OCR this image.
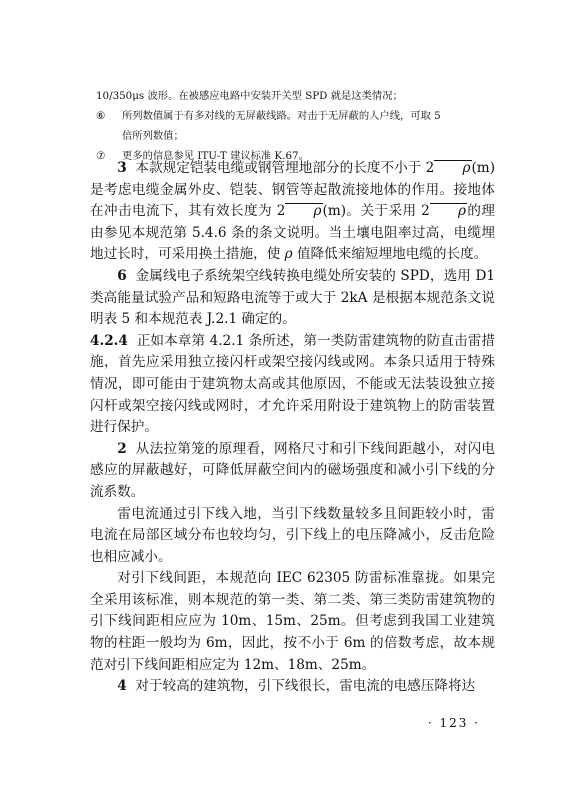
10/350μs 波形。在被感应电路中安装开关型 SPD 就是这类情况；
⑥	所列数值属于有多对线的无屏蔽线路。对击于无屏蔽的人户线，可取 5
倍所列数值；
⑦	更多的信息参见 ITU-T 建议标准 K.67。

3 本款规定铠装电缆或钢管埋地部分的长度不小于 2 ρ(m)是考虑电缆金属外皮、铠装、钢管等起散流接地体的作用。接地体在冲击电流下，其有效长度为 2 ρ(m)。关于采用 2 ρ的理由参见本规范第 5.4.6 条的条文说明。当土壤电阻率过高，电缆埋地过长时，可采用换土措施，使 ρ 值降低来缩短埋地电缆的长度。

6 金属线电子系统架空线转换电缆处所安装的 SPD，选用 D1 类高能量试验产品和短路电流等于或大于 2kA 是根据本规范条文说明表 5 和本规范表 J.2.1 确定的。

4.2.4 正如本章第 4.2.1 条所述，第一类防雷建筑物的防直击雷措施，首先应采用独立接闪杆或架空接闪线或网。本条只适用于特殊情况，即可能由于建筑物太高或其他原因，不能或无法装设独立接闪杆或架空接闪线或网时，才允许采用附设于建筑物上的防雷装置进行保护。

2 从法拉第笼的原理看，网格尺寸和引下线间距越小，对闪电感应的屏蔽越好，可降低屏蔽空间内的磁场强度和减小引下线的分流系数。

雷电流通过引下线入地，当引下线数量较多且间距较小时，雷电流在局部区域分布也较均匀，引下线上的电压降减小，反击危险也相应减小。

对引下线间距，本规范向 IEC 62305 防雷标准靠拢。如果完全采用该标准，则本规范的第一类、第二类、第三类防雷建筑物的引下线间距相应应为 10m、15m、25m。但考虑到我国工业建筑物的柱距一般均为 6m，因此，按不小于 6m 的倍数考虑，故本规范对引下线间距相应定为 12m、18m、25m。

4 对于较高的建筑物，引下线很长，雷电流的电感压降将达

· 123 ·
